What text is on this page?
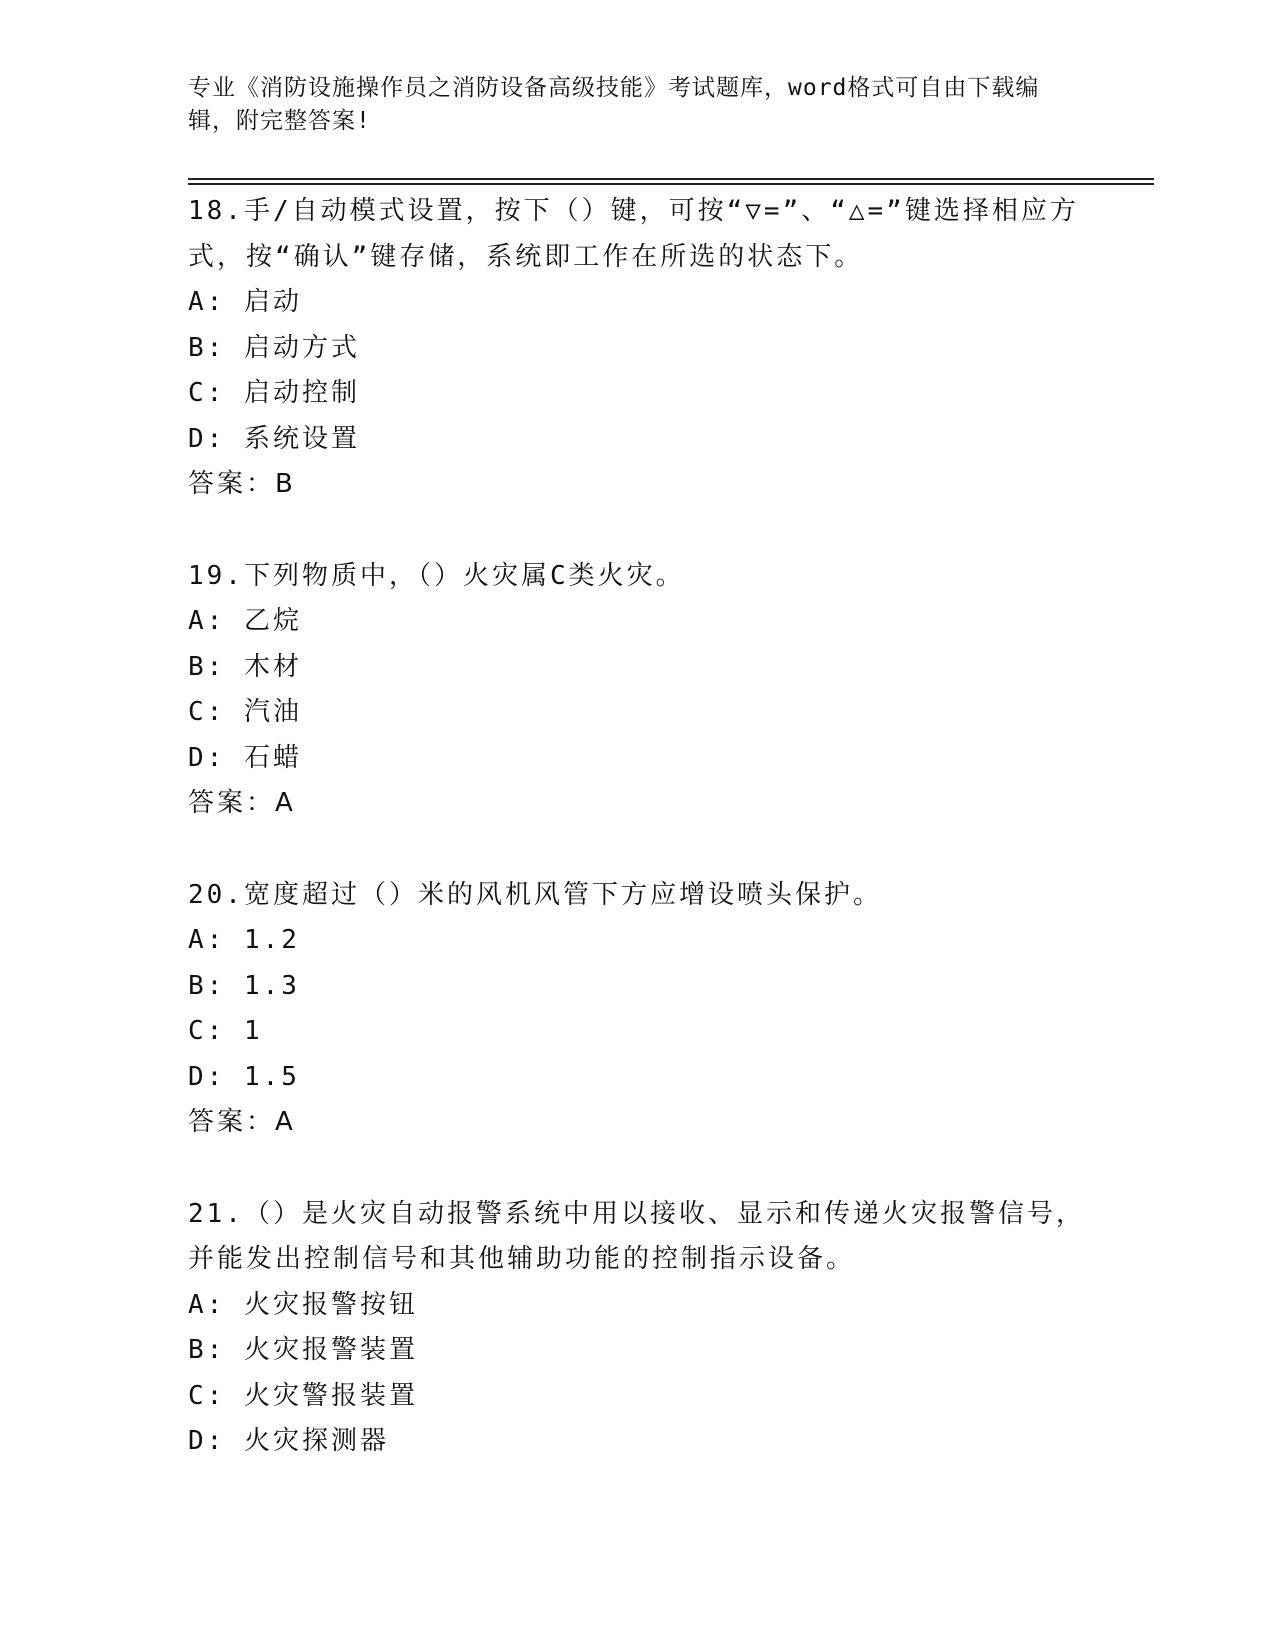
专业《消防设施操作员之消防设备高级技能》考试题库，word格式可自由下载编辑，附完整答案!

18.手/自动模式设置，按下（）键，可按“▽=”、“△=”键选择相应方式，按“确认”键存储，系统即工作在所选的状态下。

A: 启动

B: 启动方式

C: 启动控制

D: 系统设置

答案：B

19.下列物质中，（）火灾属C类火灾。

A: 乙烷

B: 木材

C: 汽油

D: 石蜡

答案：A

20.宽度超过（）米的风机风管下方应增设喷头保护。

A: 1.2

B: 1.3

C: 1

D: 1.5

答案：A

21.（）是火灾自动报警系统中用以接收、显示和传递火灾报警信号，并能发出控制信号和其他辅助功能的控制指示设备。

A: 火灾报警按钮

B: 火灾报警装置

C: 火灾警报装置

D: 火灾探测器
